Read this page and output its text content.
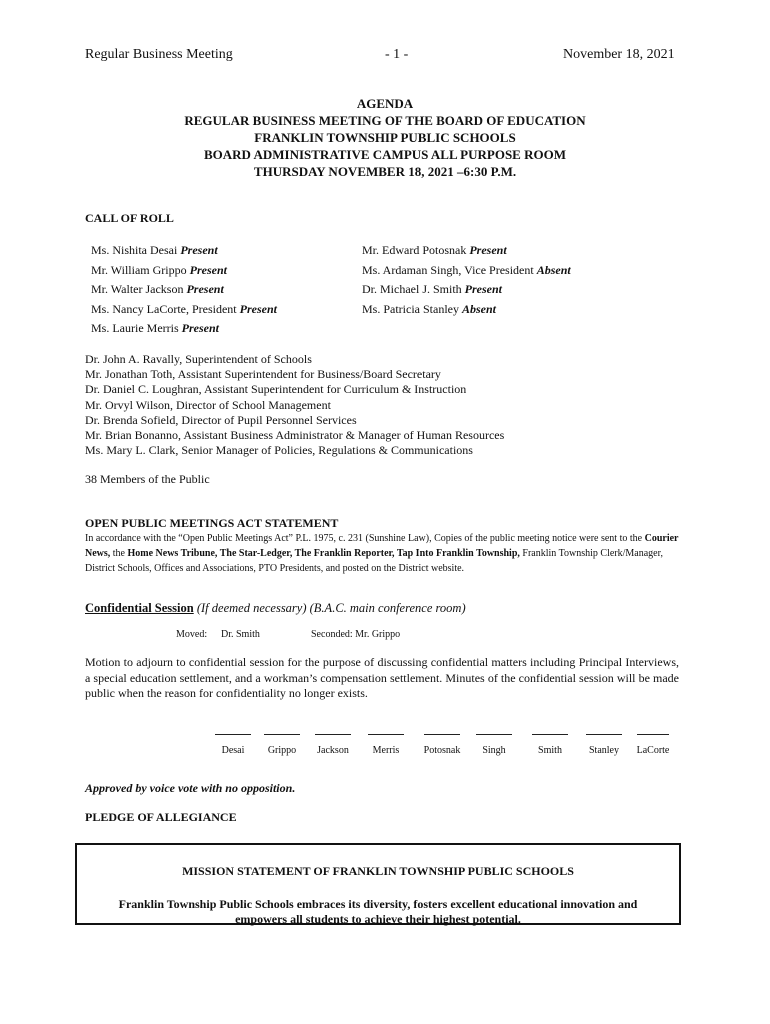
Regular Business Meeting	- 1 -	November 18, 2021
AGENDA
REGULAR BUSINESS MEETING OF THE BOARD OF EDUCATION
FRANKLIN TOWNSHIP PUBLIC SCHOOLS
BOARD ADMINISTRATIVE CAMPUS ALL PURPOSE ROOM
THURSDAY NOVEMBER 18, 2021 –6:30 P.M.
CALL OF ROLL
Ms. Nishita Desai Present
Mr. William Grippo Present
Mr. Walter Jackson Present
Ms. Nancy LaCorte, President Present
Ms. Laurie Merris Present
Mr. Edward Potosnak Present
Ms. Ardaman Singh, Vice President Absent
Dr. Michael J. Smith Present
Ms. Patricia Stanley Absent
Dr. John A. Ravally, Superintendent of Schools
Mr. Jonathan Toth, Assistant Superintendent for Business/Board Secretary
Dr. Daniel C. Loughran, Assistant Superintendent for Curriculum & Instruction
Mr. Orvyl Wilson, Director of School Management
Dr. Brenda Sofield, Director of Pupil Personnel Services
Mr. Brian Bonanno, Assistant Business Administrator & Manager of Human Resources
Ms. Mary L. Clark, Senior Manager of Policies, Regulations & Communications
38 Members of the Public
OPEN PUBLIC MEETINGS ACT STATEMENT
In accordance with the “Open Public Meetings Act” P.L. 1975, c. 231 (Sunshine Law), Copies of the public meeting notice were sent to the Courier News, the Home News Tribune, The Star-Ledger, The Franklin Reporter, Tap Into Franklin Township, Franklin Township Clerk/Manager, District Schools, Offices and Associations, PTO Presidents, and posted on the District website.
Confidential Session (If deemed necessary) (B.A.C. main conference room)
Moved: Dr. Smith	Seconded: Mr. Grippo
Motion to adjourn to confidential session for the purpose of discussing confidential matters including Principal Interviews, a special education settlement, and a workman’s compensation settlement. Minutes of the confidential session will be made public when the reason for confidentiality no longer exists.
Desai	Grippo	Jackson	Merris	Potosnak	Singh	Smith	Stanley	LaCorte
Approved by voice vote with no opposition.
PLEDGE OF ALLEGIANCE
MISSION STATEMENT OF FRANKLIN TOWNSHIP PUBLIC SCHOOLS
Franklin Township Public Schools embraces its diversity, fosters excellent educational innovation and empowers all students to achieve their highest potential.
